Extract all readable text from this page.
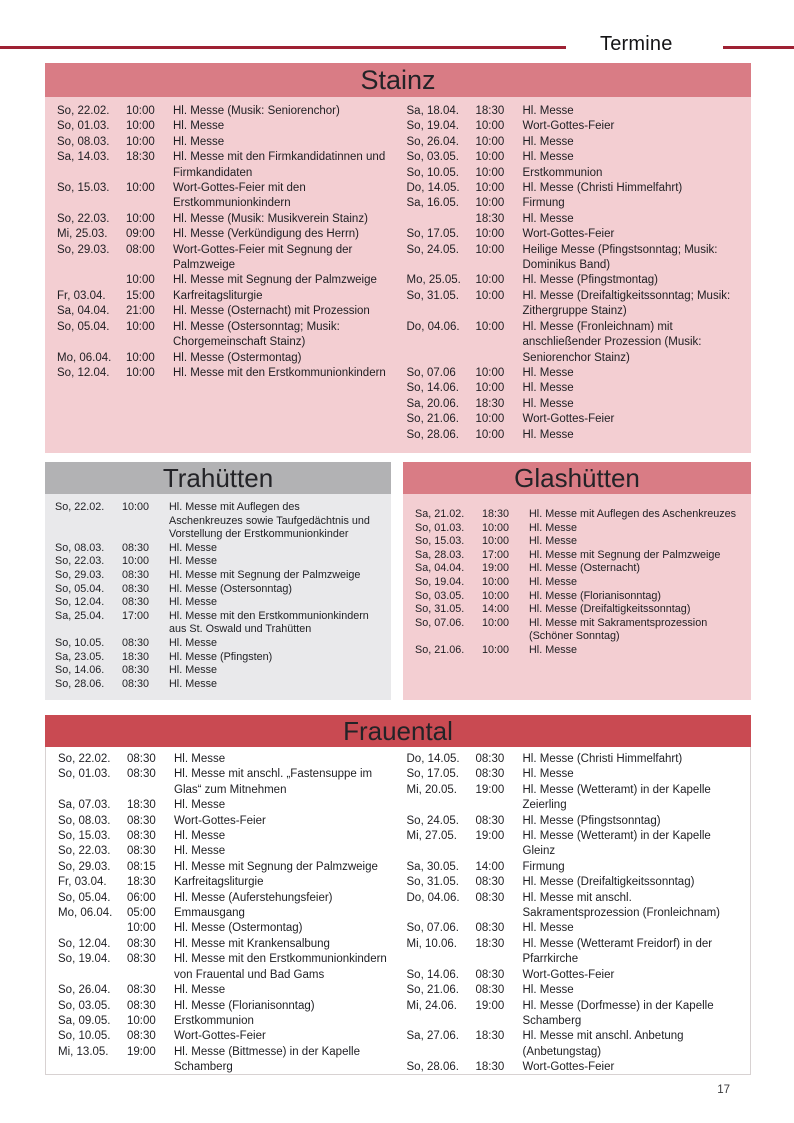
Termine
Stainz
So, 22.02.	10:00	Hl. Messe (Musik: Seniorenchor)
So, 01.03.	10:00	Hl. Messe
So, 08.03.	10:00	Hl. Messe
Sa, 14.03.	18:30	Hl. Messe mit den Firmkandidatinnen und Firmkandidaten
So, 15.03.	10:00	Wort-Gottes-Feier mit den Erstkommunionkindern
So, 22.03.	10:00	Hl. Messe (Musik: Musikverein Stainz)
Mi, 25.03.	09:00	Hl. Messe (Verkündigung des Herrn)
So, 29.03.	08:00	Wort-Gottes-Feier mit Segnung der Palmzweige
10:00	Hl. Messe mit Segnung der Palmzweige
Fr, 03.04.	15:00	Karfreitagsliturgie
Sa, 04.04.	21:00	Hl. Messe (Osternacht) mit Prozession
So, 05.04.	10:00	Hl. Messe (Ostersonntag; Musik: Chorgemeinschaft Stainz)
Mo, 06.04.	10:00	Hl. Messe (Ostermontag)
So, 12.04.	10:00	Hl. Messe mit den Erstkommunionkindern
Sa, 18.04.	18:30	Hl. Messe
So, 19.04.	10:00	Wort-Gottes-Feier
So, 26.04.	10:00	Hl. Messe
So, 03.05.	10:00	Hl. Messe
So, 10.05.	10:00	Erstkommunion
Do, 14.05.	10:00	Hl. Messe (Christi Himmelfahrt)
Sa, 16.05.	10:00	Firmung
18:30	Hl. Messe
So, 17.05.	10:00	Wort-Gottes-Feier
So, 24.05.	10:00	Heilige Messe (Pfingstsonntag; Musik: Dominikus Band)
Mo, 25.05.	10:00	Hl. Messe (Pfingstmontag)
So, 31.05.	10:00	Hl. Messe (Dreifaltigkeitssonntag; Musik: Zithergruppe Stainz)
Do, 04.06.	10:00	Hl. Messe (Fronleichnam) mit anschließender Prozession (Musik: Seniorenchor Stainz)
So, 07.06	10:00	Hl. Messe
So, 14.06.	10:00	Hl. Messe
Sa, 20.06.	18:30	Hl. Messe
So, 21.06.	10:00	Wort-Gottes-Feier
So, 28.06.	10:00	Hl. Messe
Trahütten
So, 22.02.	10:00	Hl. Messe mit Auflegen des Aschenkreuzes sowie Taufgedächtnis und Vorstellung der Erstkommunionkinder
So, 08.03.	08:30	Hl. Messe
So, 22.03.	10:00	Hl. Messe
So, 29.03.	08:30	Hl. Messe mit Segnung der Palmzweige
So, 05.04.	08:30	Hl. Messe (Ostersonntag)
So, 12.04.	08:30	Hl. Messe
Sa, 25.04.	17:00	Hl. Messe mit den Erstkommunionkindern aus St. Oswald und Trahütten
So, 10.05.	08:30	Hl. Messe
Sa, 23.05.	18:30	Hl. Messe (Pfingsten)
So, 14.06.	08:30	Hl. Messe
So, 28.06.	08:30	Hl. Messe
Glashütten
Sa, 21.02.	18:30	Hl. Messe mit Auflegen des Aschenkreuzes
So, 01.03.	10:00	Hl. Messe
So, 15.03.	10:00	Hl. Messe
Sa, 28.03.	17:00	Hl. Messe mit Segnung der Palmzweige
Sa, 04.04.	19:00	Hl. Messe (Osternacht)
So, 19.04.	10:00	Hl. Messe
So, 03.05.	10:00	Hl. Messe (Florianisonntag)
So, 31.05.	14:00	Hl. Messe (Dreifaltigkeitssonntag)
So, 07.06.	10:00	Hl. Messe mit Sakramentsprozession (Schöner Sonntag)
So, 21.06.	10:00	Hl. Messe
Frauental
So, 22.02.	08:30	Hl. Messe
So, 01.03.	08:30	Hl. Messe mit anschl. „Fastensuppe im Glas“ zum Mitnehmen
Sa, 07.03.	18:30	Hl. Messe
So, 08.03.	08:30	Wort-Gottes-Feier
So, 15.03.	08:30	Hl. Messe
So, 22.03.	08:30	Hl. Messe
So, 29.03.	08:15	Hl. Messe mit Segnung der Palmzweige
Fr, 03.04.	18:30	Karfreitagsliturgie
So, 05.04.	06:00	Hl. Messe (Auferstehungsfeier)
Mo, 06.04.	05:00	Emmausgang
10:00	Hl. Messe (Ostermontag)
So, 12.04.	08:30	Hl. Messe mit Krankensalbung
So, 19.04.	08:30	Hl. Messe mit den Erstkommunionkindern von Frauental und Bad Gams
So, 26.04.	08:30	Hl. Messe
So, 03.05.	08:30	Hl. Messe (Florianisonntag)
Sa, 09.05.	10:00	Erstkommunion
So, 10.05.	08:30	Wort-Gottes-Feier
Mi, 13.05.	19:00	Hl. Messe (Bittmesse) in der Kapelle Schamberg
Do, 14.05.	08:30	Hl. Messe (Christi Himmelfahrt)
So, 17.05.	08:30	Hl. Messe
Mi, 20.05.	19:00	Hl. Messe (Wetteramt) in der Kapelle Zeierling
So, 24.05.	08:30	Hl. Messe (Pfingstsonntag)
Mi, 27.05.	19:00	Hl. Messe (Wetteramt) in der Kapelle Gleinz
Sa, 30.05.	14:00	Firmung
So, 31.05.	08:30	Hl. Messe (Dreifaltigkeitssonntag)
Do, 04.06.	08:30	Hl. Messe mit anschl. Sakramentsprozession (Fronleichnam)
So, 07.06.	08:30	Hl. Messe
Mi, 10.06.	18:30	Hl. Messe (Wetteramt Freidorf) in der Pfarrkirche
So, 14.06.	08:30	Wort-Gottes-Feier
So, 21.06.	08:30	Hl. Messe
Mi, 24.06.	19:00	Hl. Messe (Dorfmesse) in der Kapelle Schamberg
Sa, 27.06.	18:30	Hl. Messe mit anschl. Anbetung (Anbetungstag)
So, 28.06.	18:30	Wort-Gottes-Feier
17
